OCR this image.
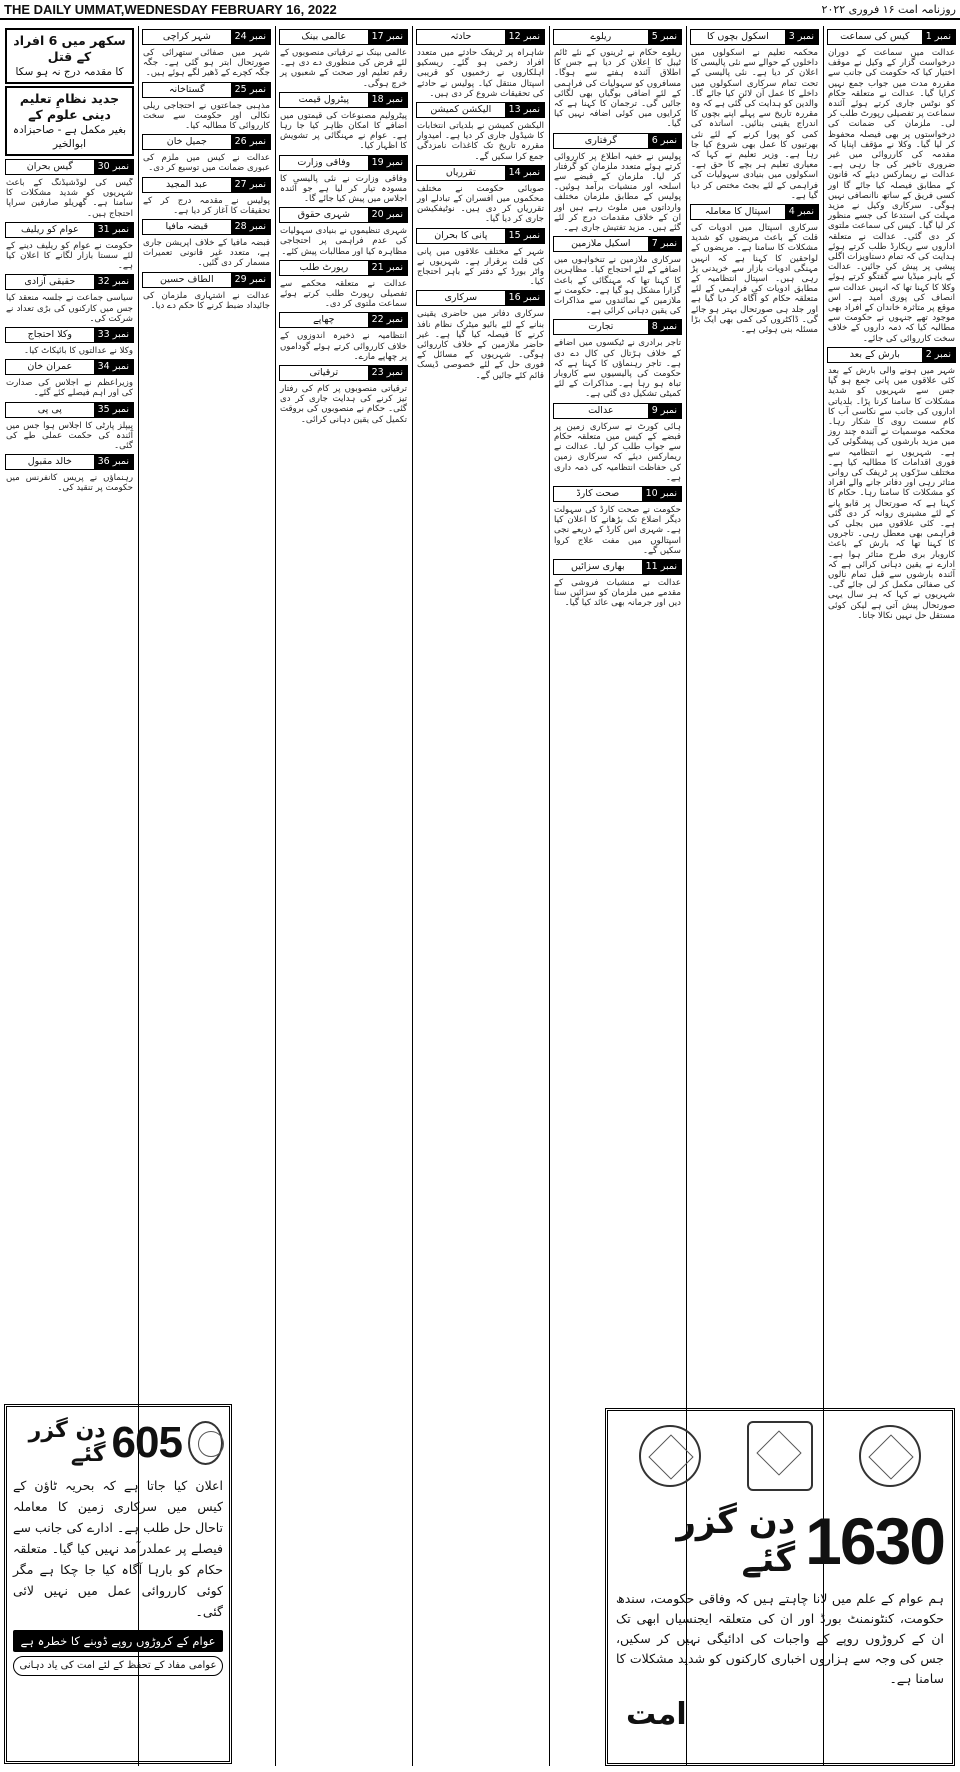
THE DAILY UMMAT,WEDNESDAY FEBRUARY 16, 2022	روزنامہ امت ۱۶ فروری ۲۰۲۲
نمبر 1
کیس کی سماعت
عدالت میں سماعت کے دوران درخواست گزار کے وکیل نے موقف اختیار کیا کہ حکومت کی جانب سے مقررہ مدت میں جواب جمع نہیں کرایا گیا۔ عدالت نے متعلقہ حکام کو نوٹس جاری کرتے ہوئے آئندہ سماعت پر تفصیلی رپورٹ طلب کر لی۔ ملزمان کی ضمانت کی درخواستوں پر بھی فیصلہ محفوظ کر لیا گیا۔ وکلا نے مؤقف اپنایا کہ مقدمہ کی کارروائی میں غیر ضروری تاخیر کی جا رہی ہے۔ عدالت نے ریمارکس دیئے کہ قانون کے مطابق فیصلہ کیا جائے گا اور کسی فریق کے ساتھ ناانصافی نہیں ہوگی۔ سرکاری وکیل نے مزید مہلت کی استدعا کی جسے منظور کر لیا گیا۔ کیس کی سماعت ملتوی کر دی گئی۔ عدالت نے متعلقہ اداروں سے ریکارڈ طلب کرتے ہوئے ہدایت کی کہ تمام دستاویزات اگلی پیشی پر پیش کی جائیں۔ عدالت کے باہر میڈیا سے گفتگو کرتے ہوئے وکلا کا کہنا تھا کہ انہیں عدالت سے انصاف کی پوری امید ہے۔ اس موقع پر متاثرہ خاندان کے افراد بھی موجود تھے جنہوں نے حکومت سے مطالبہ کیا کہ ذمہ داروں کے خلاف سخت کارروائی کی جائے۔
نمبر 2
بارش کے بعد
شہر میں ہونے والی بارش کے بعد کئی علاقوں میں پانی جمع ہو گیا جس سے شہریوں کو شدید مشکلات کا سامنا کرنا پڑا۔ بلدیاتی اداروں کی جانب سے نکاسی آب کا کام سست روی کا شکار رہا۔ محکمہ موسمیات نے آئندہ چند روز میں مزید بارشوں کی پیشگوئی کی ہے۔ شہریوں نے انتظامیہ سے فوری اقدامات کا مطالبہ کیا ہے۔ مختلف سڑکوں پر ٹریفک کی روانی متاثر رہی اور دفاتر جانے والے افراد کو مشکلات کا سامنا رہا۔ حکام کا کہنا ہے کہ صورتحال پر قابو پانے کے لئے مشینری روانہ کر دی گئی ہے۔ کئی علاقوں میں بجلی کی فراہمی بھی معطل رہی۔ تاجروں کا کہنا تھا کہ بارش کے باعث کاروبار بری طرح متاثر ہوا ہے۔ ادارے نے یقین دہانی کرائی ہے کہ آئندہ بارشوں سے قبل تمام نالوں کی صفائی مکمل کر لی جائے گی۔ شہریوں نے کہا کہ ہر سال یہی صورتحال پیش آتی ہے لیکن کوئی مستقل حل نہیں نکالا جاتا۔
نمبر 3
اسکول بچوں کا
محکمہ تعلیم نے اسکولوں میں داخلوں کے حوالے سے نئی پالیسی کا اعلان کر دیا ہے۔ نئی پالیسی کے تحت تمام سرکاری اسکولوں میں داخلے کا عمل آن لائن کیا جائے گا۔ والدین کو ہدایت کی گئی ہے کہ وہ مقررہ تاریخ سے پہلے اپنے بچوں کا اندراج یقینی بنائیں۔ اساتذہ کی کمی کو پورا کرنے کے لئے نئی بھرتیوں کا عمل بھی شروع کیا جا رہا ہے۔ وزیر تعلیم نے کہا کہ معیاری تعلیم ہر بچے کا حق ہے۔ اسکولوں میں بنیادی سہولیات کی فراہمی کے لئے بجٹ مختص کر دیا گیا ہے۔
نمبر 4
اسپتال کا معاملہ
سرکاری اسپتال میں ادویات کی قلت کے باعث مریضوں کو شدید مشکلات کا سامنا ہے۔ مریضوں کے لواحقین کا کہنا ہے کہ انہیں مہنگی ادویات بازار سے خریدنی پڑ رہی ہیں۔ اسپتال انتظامیہ کے مطابق ادویات کی فراہمی کے لئے متعلقہ حکام کو آگاہ کر دیا گیا ہے اور جلد ہی صورتحال بہتر ہو جائے گی۔ ڈاکٹروں کی کمی بھی ایک بڑا مسئلہ بنی ہوئی ہے۔
نمبر 5
ریلوے
ریلوے حکام نے ٹرینوں کے نئے ٹائم ٹیبل کا اعلان کر دیا ہے جس کا اطلاق آئندہ ہفتے سے ہوگا۔ مسافروں کو سہولیات کی فراہمی کے لئے اضافی بوگیاں بھی لگائی جائیں گی۔ ترجمان کا کہنا ہے کہ کرایوں میں کوئی اضافہ نہیں کیا گیا۔
نمبر 6
گرفتاری
پولیس نے خفیہ اطلاع پر کارروائی کرتے ہوئے متعدد ملزمان کو گرفتار کر لیا۔ ملزمان کے قبضے سے اسلحہ اور منشیات برآمد ہوئیں۔ پولیس کے مطابق ملزمان مختلف وارداتوں میں ملوث رہے ہیں اور ان کے خلاف مقدمات درج کر لئے گئے ہیں۔ مزید تفتیش جاری ہے۔
نمبر 7
اسکیل ملازمین
سرکاری ملازمین نے تنخواہوں میں اضافے کے لئے احتجاج کیا۔ مظاہرین کا کہنا تھا کہ مہنگائی کے باعث گزارا مشکل ہو گیا ہے۔ حکومت نے ملازمین کے نمائندوں سے مذاکرات کی یقین دہانی کرائی ہے۔
نمبر 8
تجارت
تاجر برادری نے ٹیکسوں میں اضافے کے خلاف ہڑتال کی کال دے دی ہے۔ تاجر رہنماؤں کا کہنا ہے کہ حکومت کی پالیسیوں سے کاروبار تباہ ہو رہا ہے۔ مذاکرات کے لئے کمیٹی تشکیل دی گئی ہے۔
نمبر 9
عدالت
ہائی کورٹ نے سرکاری زمین پر قبضے کے کیس میں متعلقہ حکام سے جواب طلب کر لیا۔ عدالت نے ریمارکس دیئے کہ سرکاری زمین کی حفاظت انتظامیہ کی ذمہ داری ہے۔
نمبر 10
صحت کارڈ
حکومت نے صحت کارڈ کی سہولت دیگر اضلاع تک بڑھانے کا اعلان کیا ہے۔ شہری اس کارڈ کے ذریعے نجی اسپتالوں میں مفت علاج کروا سکیں گے۔
نمبر 11
بھاری سزائیں
عدالت نے منشیات فروشی کے مقدمے میں ملزمان کو سزائیں سنا دیں اور جرمانہ بھی عائد کیا گیا۔
نمبر 12
حادثہ
شاہراہ پر ٹریفک حادثے میں متعدد افراد زخمی ہو گئے۔ ریسکیو اہلکاروں نے زخمیوں کو قریبی اسپتال منتقل کیا۔ پولیس نے حادثے کی تحقیقات شروع کر دی ہیں۔
نمبر 13
الیکشن کمیشن
الیکشن کمیشن نے بلدیاتی انتخابات کا شیڈول جاری کر دیا ہے۔ امیدوار مقررہ تاریخ تک کاغذات نامزدگی جمع کرا سکیں گے۔
نمبر 14
تقرریاں
صوبائی حکومت نے مختلف محکموں میں افسران کے تبادلے اور تقرریاں کر دی ہیں۔ نوٹیفکیشن جاری کر دیا گیا۔
نمبر 15
پانی کا بحران
شہر کے مختلف علاقوں میں پانی کی قلت برقرار ہے۔ شہریوں نے واٹر بورڈ کے دفتر کے باہر احتجاج کیا۔
نمبر 16
سرکاری
سرکاری دفاتر میں حاضری یقینی بنانے کے لئے بائیو میٹرک نظام نافذ کرنے کا فیصلہ کیا گیا ہے۔ غیر حاضر ملازمین کے خلاف کارروائی ہوگی۔ شہریوں کے مسائل کے فوری حل کے لئے خصوصی ڈیسک قائم کئے جائیں گے۔
نمبر 17
عالمی بینک
عالمی بینک نے ترقیاتی منصوبوں کے لئے قرض کی منظوری دے دی ہے۔ رقم تعلیم اور صحت کے شعبوں پر خرچ ہوگی۔
نمبر 18
پیٹرول قیمت
پیٹرولیم مصنوعات کی قیمتوں میں اضافے کا امکان ظاہر کیا جا رہا ہے۔ عوام نے مہنگائی پر تشویش کا اظہار کیا۔
نمبر 19
وفاقی وزارت
وفاقی وزارت نے نئی پالیسی کا مسودہ تیار کر لیا ہے جو آئندہ اجلاس میں پیش کیا جائے گا۔
نمبر 20
شہری حقوق
شہری تنظیموں نے بنیادی سہولیات کی عدم فراہمی پر احتجاجی مظاہرہ کیا اور مطالبات پیش کئے۔
نمبر 21
رپورٹ طلب
عدالت نے متعلقہ محکمے سے تفصیلی رپورٹ طلب کرتے ہوئے سماعت ملتوی کر دی۔
نمبر 22
چھاپے
انتظامیہ نے ذخیرہ اندوزوں کے خلاف کارروائی کرتے ہوئے گوداموں پر چھاپے مارے۔
نمبر 23
ترقیاتی
ترقیاتی منصوبوں پر کام کی رفتار تیز کرنے کی ہدایت جاری کر دی گئی۔ حکام نے منصوبوں کی بروقت تکمیل کی یقین دہانی کرائی۔
نمبر 24
شہر کراچی
شہر میں صفائی ستھرائی کی صورتحال ابتر ہو گئی ہے۔ جگہ جگہ کچرے کے ڈھیر لگے ہوئے ہیں۔
نمبر 25
گستاخانہ
مذہبی جماعتوں نے احتجاجی ریلی نکالی اور حکومت سے سخت کارروائی کا مطالبہ کیا۔
نمبر 26
جمیل خان
عدالت نے کیس میں ملزم کی عبوری ضمانت میں توسیع کر دی۔
نمبر 27
عبد المجید
پولیس نے مقدمہ درج کر کے تحقیقات کا آغاز کر دیا ہے۔
نمبر 28
قبضہ مافیا
قبضہ مافیا کے خلاف آپریشن جاری ہے، متعدد غیر قانونی تعمیرات مسمار کر دی گئیں۔
نمبر 29
الطاف حسین
عدالت نے اشتہاری ملزمان کی جائیداد ضبط کرنے کا حکم دے دیا۔
سکھر میں 6 افراد کے قتل
کا مقدمہ درج نہ ہو سکا
جدید نظامِ تعلیم دینی علوم کے
بغیر مکمل ہے - صاحبزادہ ابوالخیر
نمبر 30
گیس بحران
گیس کی لوڈشیڈنگ کے باعث شہریوں کو شدید مشکلات کا سامنا ہے۔ گھریلو صارفین سراپا احتجاج ہیں۔
نمبر 31
عوام کو ریلیف
حکومت نے عوام کو ریلیف دینے کے لئے سستا بازار لگانے کا اعلان کیا ہے۔
نمبر 32
حقیقی آزادی
سیاسی جماعت نے جلسہ منعقد کیا جس میں کارکنوں کی بڑی تعداد نے شرکت کی۔
نمبر 33
وکلا احتجاج
وکلا نے عدالتوں کا بائیکاٹ کیا۔
نمبر 34
عمران خان
وزیراعظم نے اجلاس کی صدارت کی اور اہم فیصلے کئے گئے۔
نمبر 35
پی پی
پیپلز پارٹی کا اجلاس ہوا جس میں آئندہ کی حکمت عملی طے کی گئی۔
نمبر 36
خالد مقبول
رہنماؤں نے پریس کانفرنس میں حکومت پر تنقید کی۔
605
دن گزر گئے
اعلان کیا جاتا ہے کہ بحریہ ٹاؤن کے کیس میں سرکاری زمین کا معاملہ تاحال حل طلب ہے۔ ادارے کی جانب سے فیصلے پر عملدرآمد نہیں کیا گیا۔ متعلقہ حکام کو بارہا آگاہ کیا جا چکا ہے مگر کوئی کارروائی عمل میں نہیں لائی گئی۔
عوام کے کروڑوں روپے ڈوبنے کا خطرہ ہے
عوامی مفاد کے تحفظ کے لئے امت کی یاد دہانی
1630
دن گزر گئے
ہم عوام کے علم میں لانا چاہتے ہیں کہ وفاقی حکومت، سندھ حکومت، کنٹونمنٹ بورڈ اور ان کی متعلقہ ایجنسیاں ابھی تک ان کے کروڑوں روپے کے واجبات کی ادائیگی نہیں کر سکیں، جس کی وجہ سے ہزاروں اخباری کارکنوں کو شدید مشکلات کا سامنا ہے۔
امت
